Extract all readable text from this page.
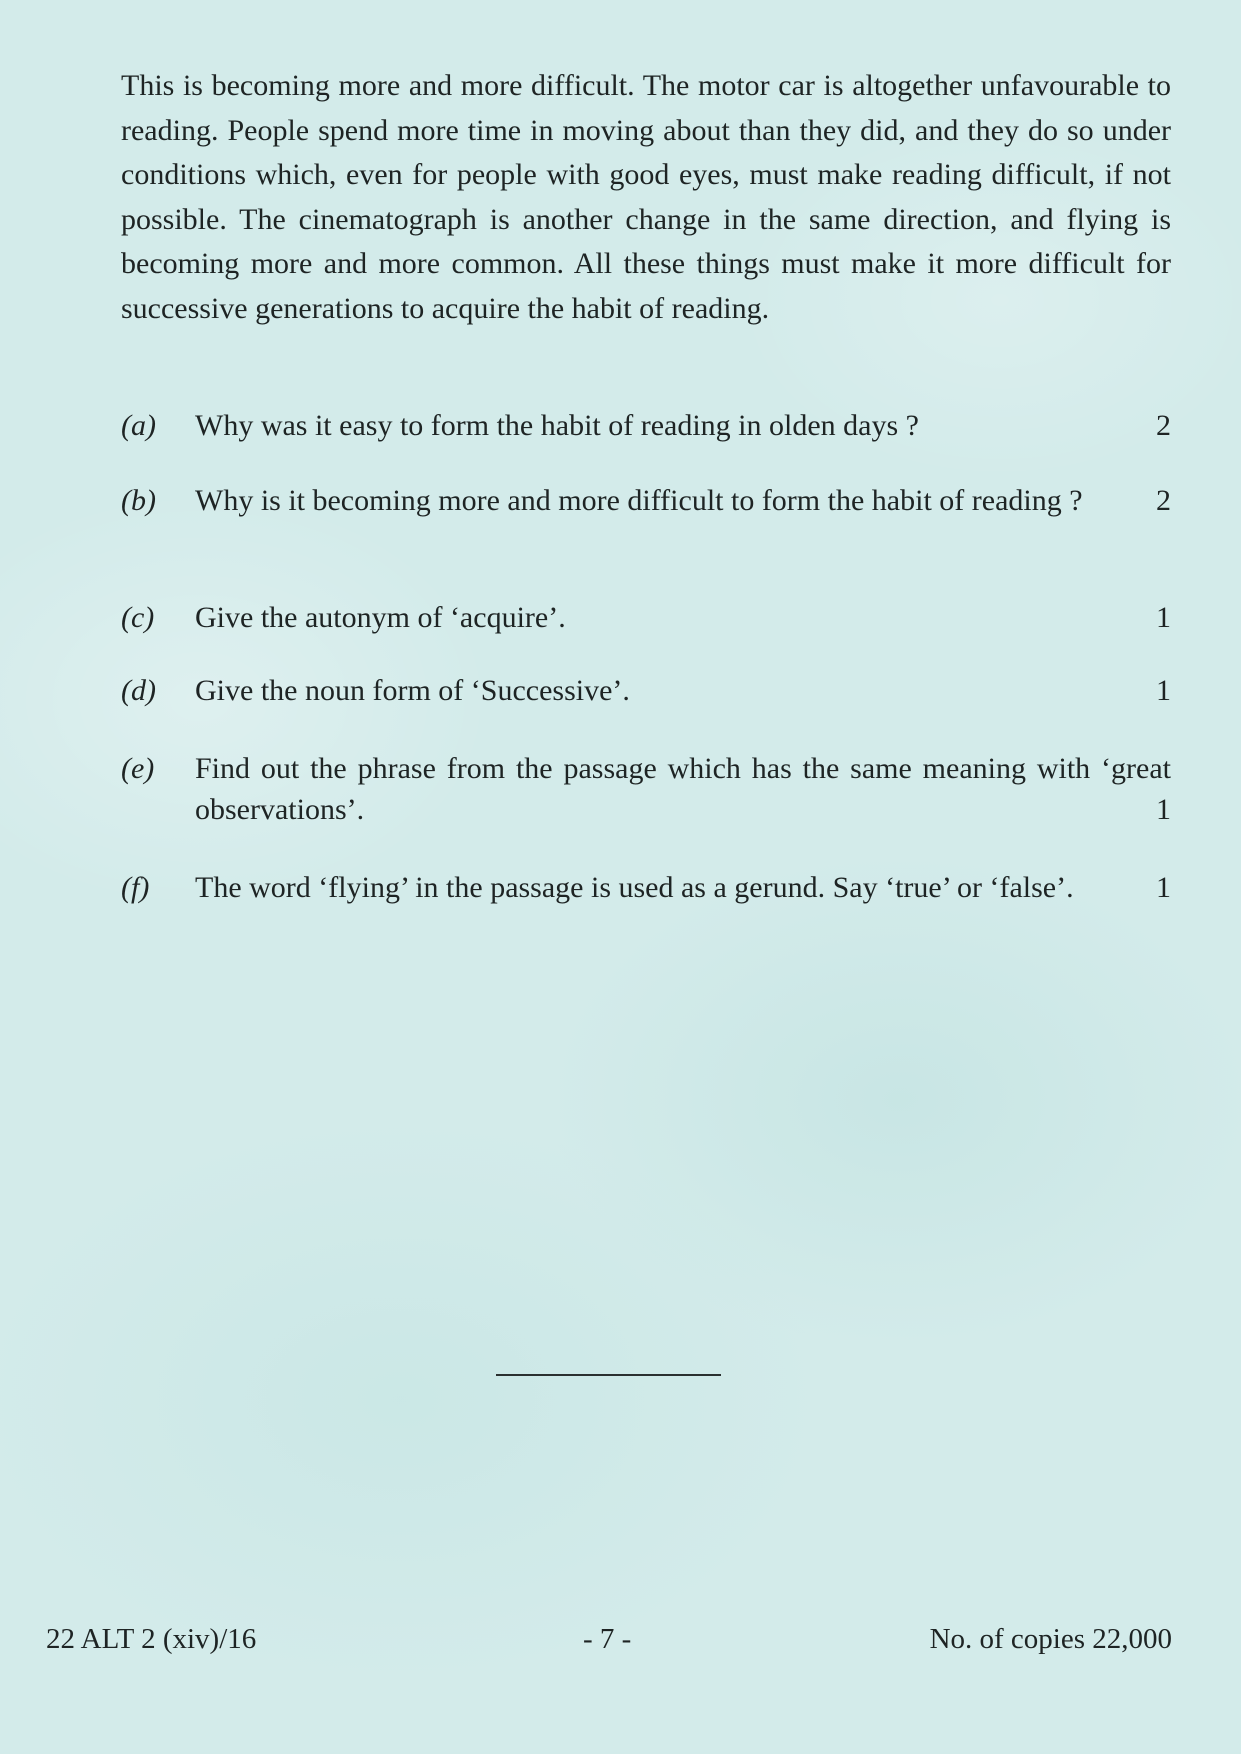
This is becoming more and more difficult. The motor car is altogether unfavourable to reading. People spend more time in moving about than they did, and they do so under conditions which, even for people with good eyes, must make reading difficult, if not possible. The cinematograph is another change in the same direction, and flying is becoming more and more common. All these things must make it more difficult for successive generations to acquire the habit of reading.
(a) Why was it easy to form the habit of reading in olden days ?	2
(b) Why is it becoming more and more difficult to form the habit of reading ?	2
(c) Give the autonym of ‘acquire’.	1
(d) Give the noun form of ‘Successive’.	1
(e) Find out the phrase from the passage which has the same meaning with ‘great observations’.	1
(f) The word ‘flying’ in the passage is used as a gerund. Say ‘true’ or ‘false’.	1
22 ALT 2 (xiv)/16	- 7 -	No. of copies 22,000
